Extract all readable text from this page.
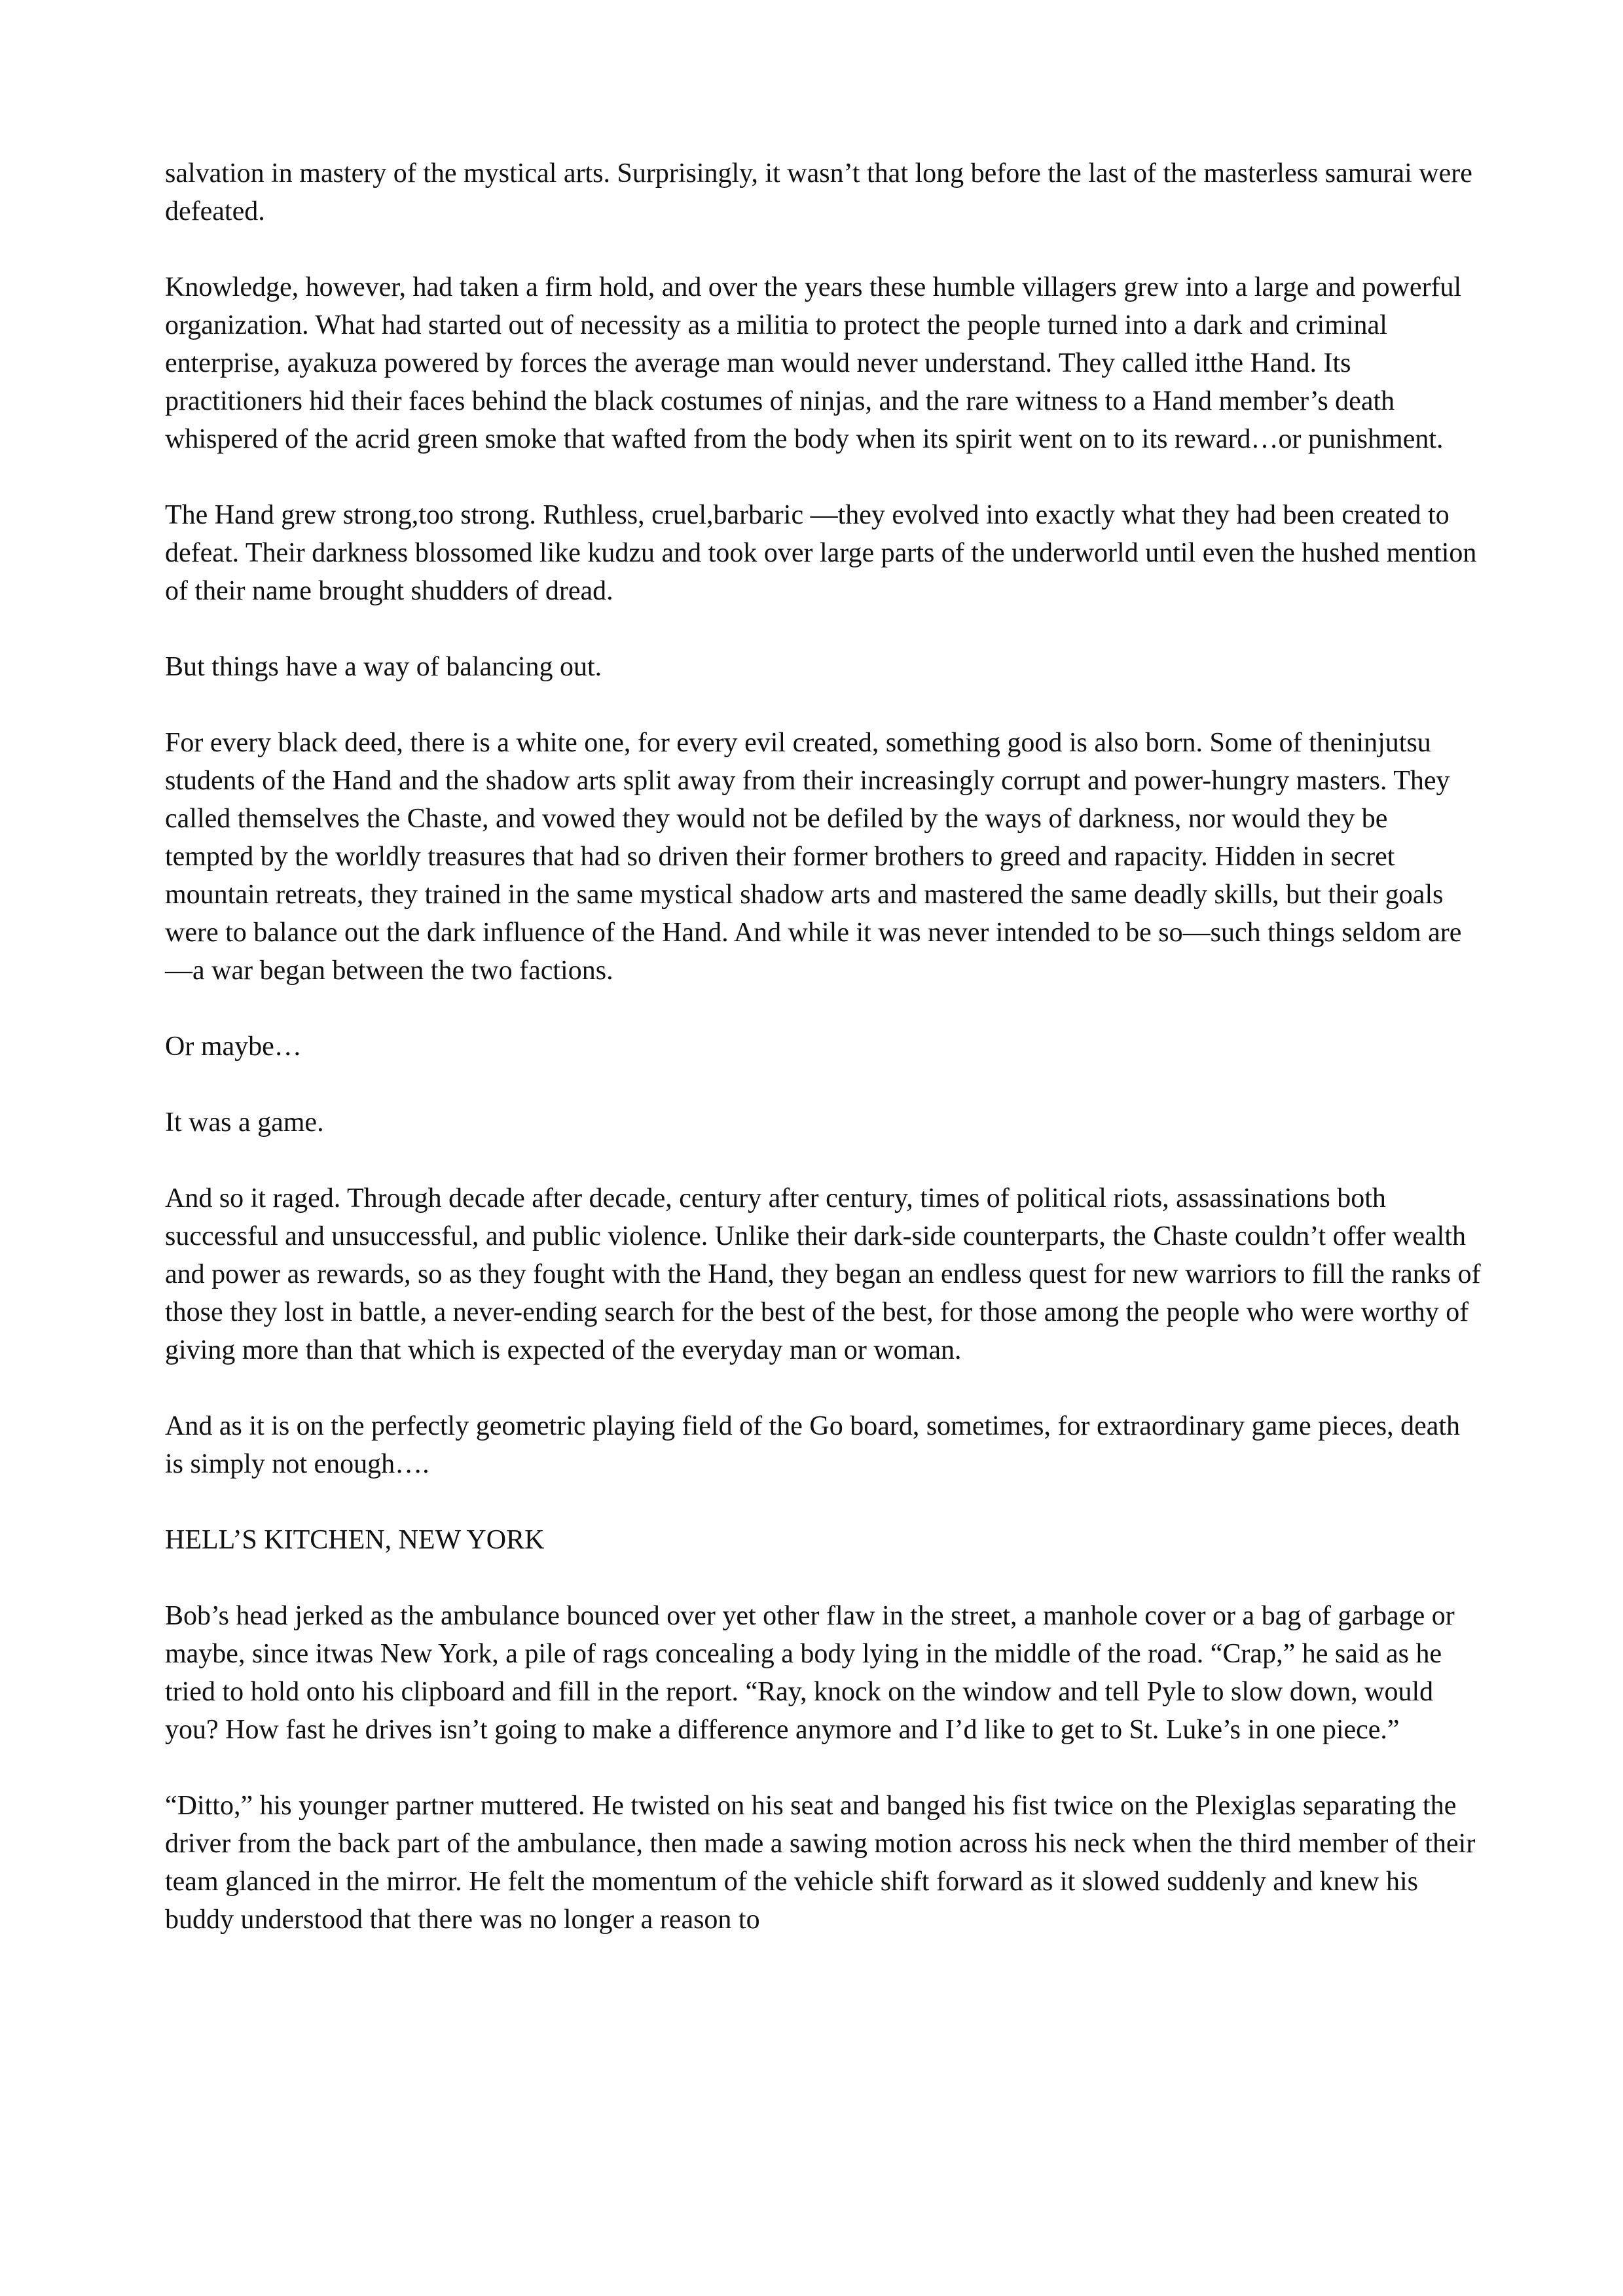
salvation in mastery of the mystical arts. Surprisingly, it wasn’t that long before the last of the masterless samurai were defeated.

Knowledge, however, had taken a firm hold, and over the years these humble villagers grew into a large and powerful organization. What had started out of necessity as a militia to protect the people turned into a dark and criminal enterprise, ayakuza powered by forces the average man would never understand. They called itthe Hand. Its practitioners hid their faces behind the black costumes of ninjas, and the rare witness to a Hand member’s death whispered of the acrid green smoke that wafted from the body when its spirit went on to its reward…or punishment.

The Hand grew strong,too strong. Ruthless, cruel,barbaric —they evolved into exactly what they had been created to defeat. Their darkness blossomed like kudzu and took over large parts of the underworld until even the hushed mention of their name brought shudders of dread.

But things have a way of balancing out.

For every black deed, there is a white one, for every evil created, something good is also born. Some of theninjutsu students of the Hand and the shadow arts split away from their increasingly corrupt and power-hungry masters. They called themselves the Chaste, and vowed they would not be defiled by the ways of darkness, nor would they be tempted by the worldly treasures that had so driven their former brothers to greed and rapacity. Hidden in secret mountain retreats, they trained in the same mystical shadow arts and mastered the same deadly skills, but their goals were to balance out the dark influence of the Hand. And while it was never intended to be so—such things seldom are—a war began between the two factions.

Or maybe…

It was a game.

And so it raged. Through decade after decade, century after century, times of political riots, assassinations both successful and unsuccessful, and public violence. Unlike their dark-side counterparts, the Chaste couldn’t offer wealth and power as rewards, so as they fought with the Hand, they began an endless quest for new warriors to fill the ranks of those they lost in battle, a never-ending search for the best of the best, for those among the people who were worthy of giving more than that which is expected of the everyday man or woman.

And as it is on the perfectly geometric playing field of the Go board, sometimes, for extraordinary game pieces, death is simply not enough….

HELL’S KITCHEN, NEW YORK

Bob’s head jerked as the ambulance bounced over yet other flaw in the street, a manhole cover or a bag of garbage or maybe, since itwas New York, a pile of rags concealing a body lying in the middle of the road. “Crap,” he said as he tried to hold onto his clipboard and fill in the report. “Ray, knock on the window and tell Pyle to slow down, would you? How fast he drives isn’t going to make a difference anymore and I’d like to get to St. Luke’s in one piece.”

“Ditto,” his younger partner muttered. He twisted on his seat and banged his fist twice on the Plexiglas separating the driver from the back part of the ambulance, then made a sawing motion across his neck when the third member of their team glanced in the mirror. He felt the momentum of the vehicle shift forward as it slowed suddenly and knew his buddy understood that there was no longer a reason to
